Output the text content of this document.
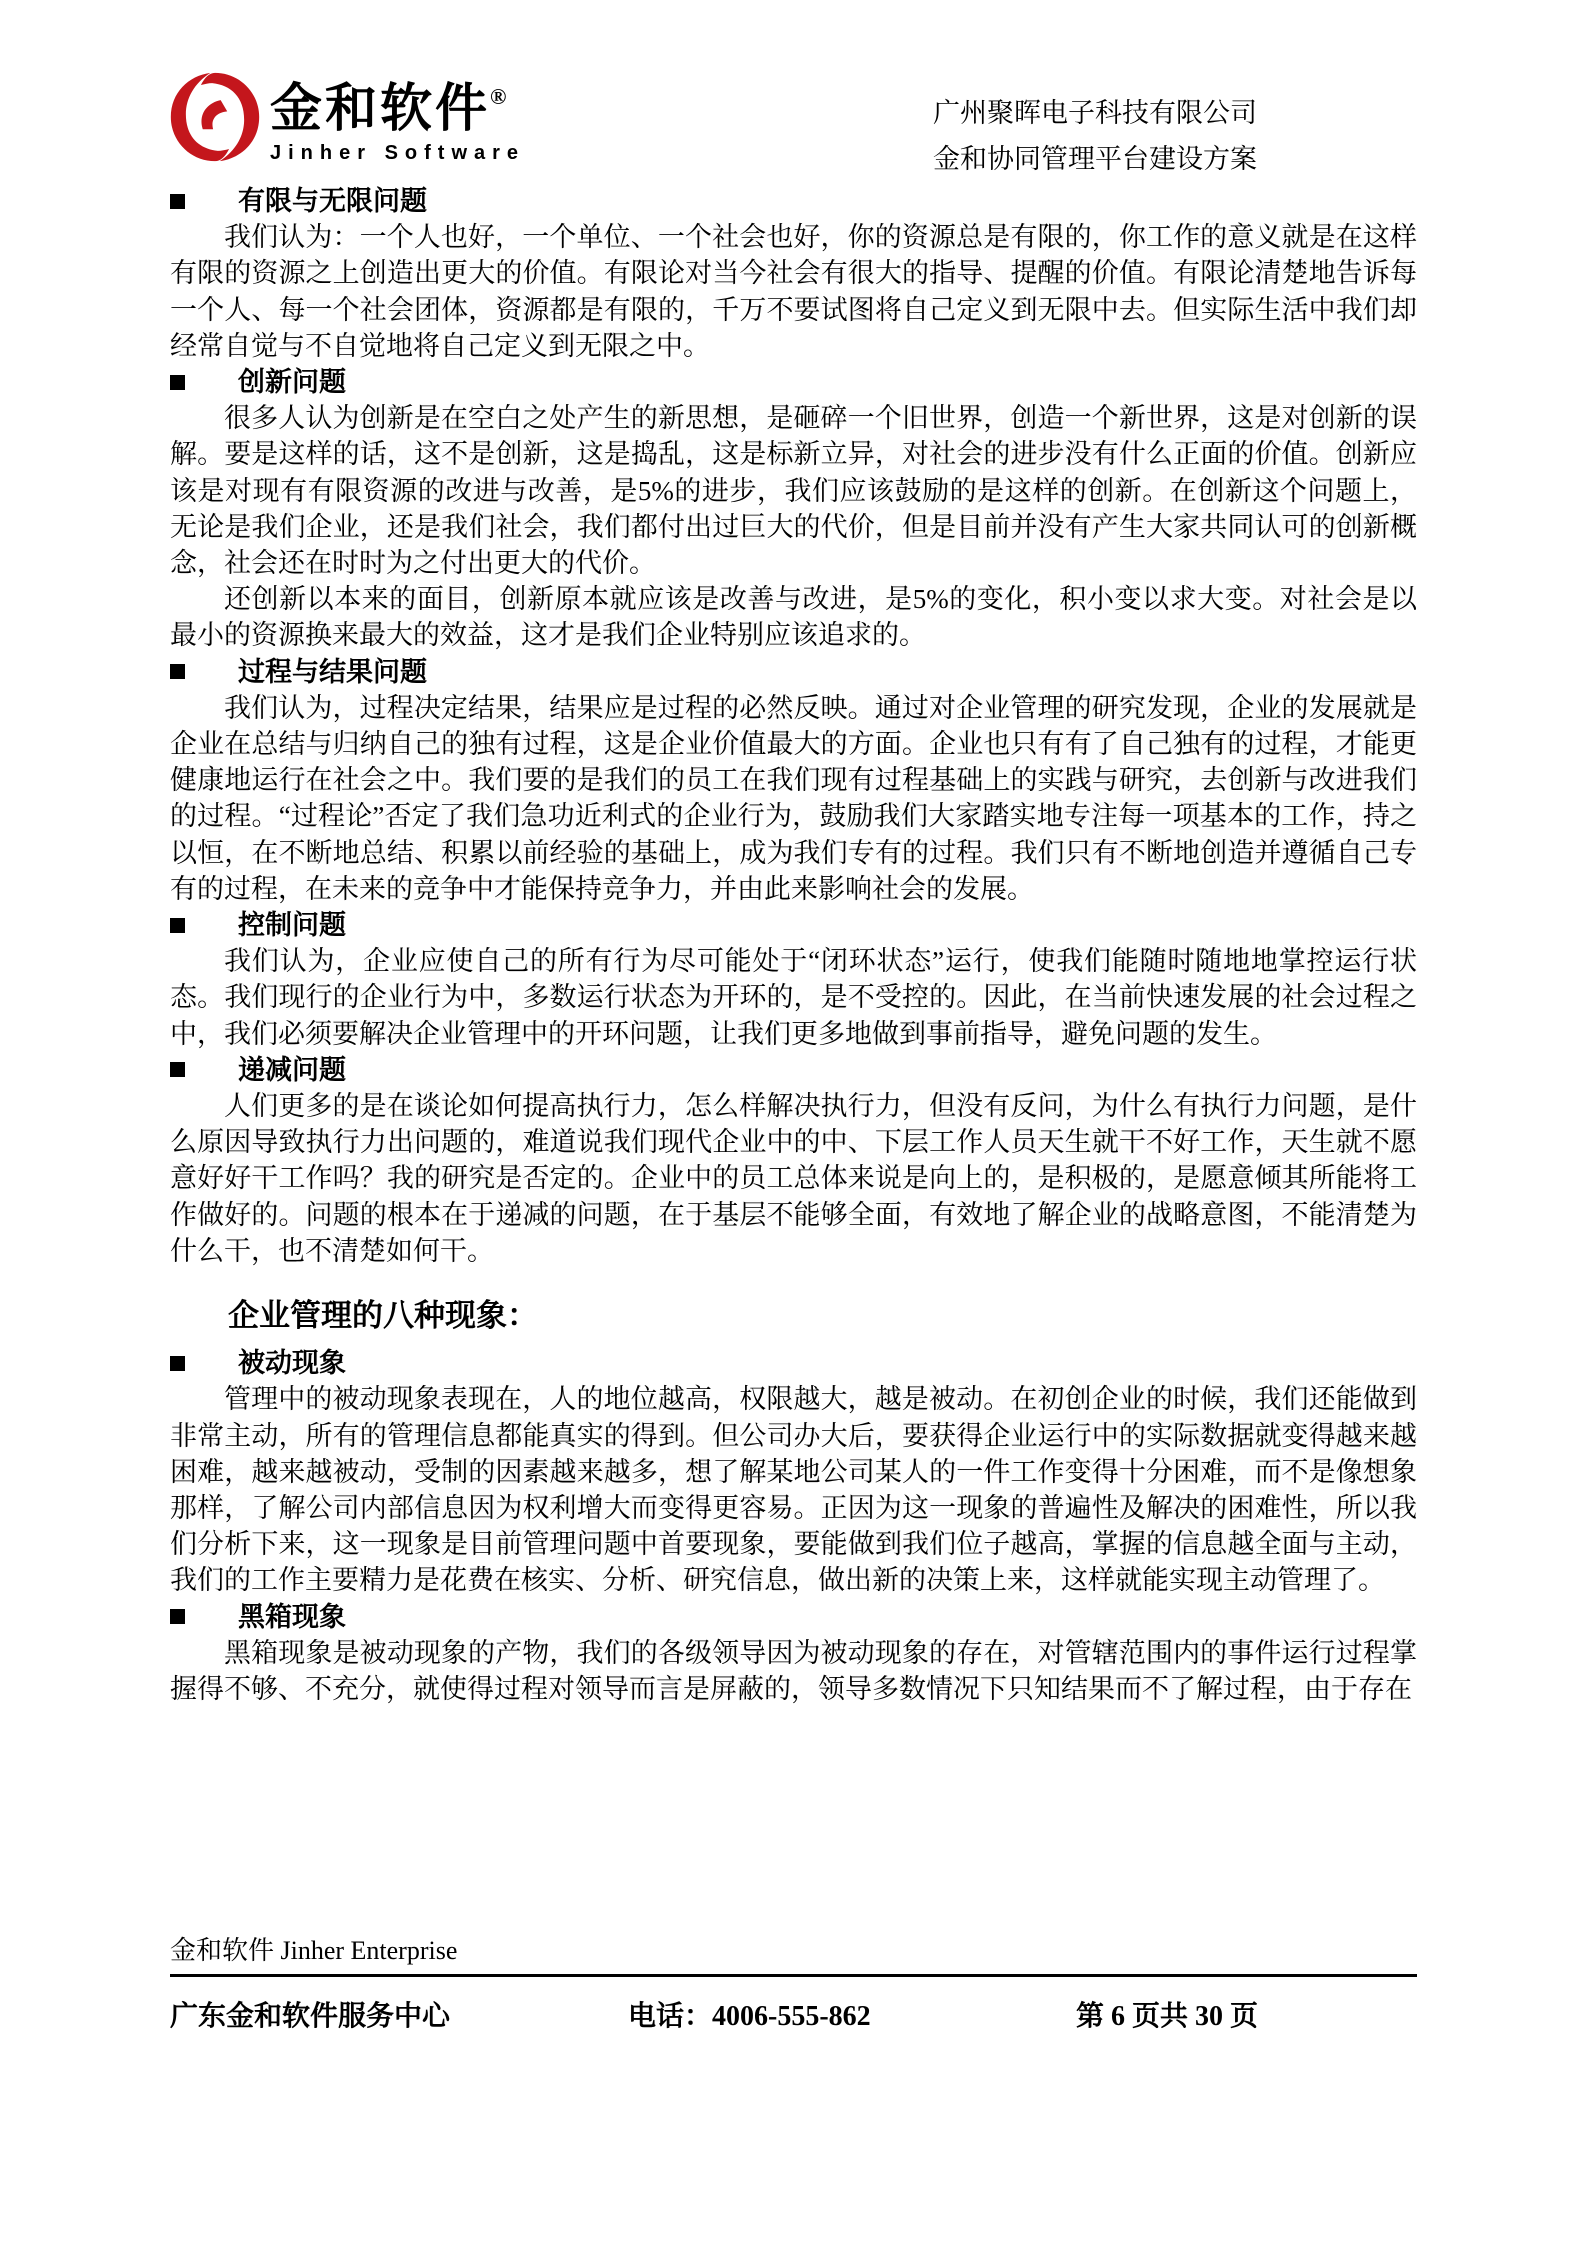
金和软件®
Jinher Software
广州聚晖电子科技有限公司
金和协同管理平台建设方案
有限与无限问题

我们认为：一个人也好，一个单位、一个社会也好，你的资源总是有限的，你工作的意义就是在这样有限的资源之上创造出更大的价值。有限论对当今社会有很大的指导、提醒的价值。有限论清楚地告诉每一个人、每一个社会团体，资源都是有限的，千万不要试图将自己定义到无限中去。但实际生活中我们却经常自觉与不自觉地将自己定义到无限之中。

创新问题

很多人认为创新是在空白之处产生的新思想，是砸碎一个旧世界，创造一个新世界，这是对创新的误解。要是这样的话，这不是创新，这是捣乱，这是标新立异，对社会的进步没有什么正面的价值。创新应该是对现有有限资源的改进与改善，是5%的进步，我们应该鼓励的是这样的创新。在创新这个问题上，无论是我们企业，还是我们社会，我们都付出过巨大的代价，但是目前并没有产生大家共同认可的创新概念，社会还在时时为之付出更大的代价。

还创新以本来的面目，创新原本就应该是改善与改进，是5%的变化，积小变以求大变。对社会是以最小的资源换来最大的效益，这才是我们企业特别应该追求的。

过程与结果问题

我们认为，过程决定结果，结果应是过程的必然反映。通过对企业管理的研究发现，企业的发展就是企业在总结与归纳自己的独有过程，这是企业价值最大的方面。企业也只有有了自己独有的过程，才能更健康地运行在社会之中。我们要的是我们的员工在我们现有过程基础上的实践与研究，去创新与改进我们的过程。“过程论”否定了我们急功近利式的企业行为，鼓励我们大家踏实地专注每一项基本的工作，持之以恒，在不断地总结、积累以前经验的基础上，成为我们专有的过程。我们只有不断地创造并遵循自己专有的过程，在未来的竞争中才能保持竞争力，并由此来影响社会的发展。

控制问题

我们认为，企业应使自己的所有行为尽可能处于“闭环状态”运行，使我们能随时随地地掌控运行状态。我们现行的企业行为中，多数运行状态为开环的，是不受控的。因此，在当前快速发展的社会过程之中，我们必须要解决企业管理中的开环问题，让我们更多地做到事前指导，避免问题的发生。

递减问题

人们更多的是在谈论如何提高执行力，怎么样解决执行力，但没有反问，为什么有执行力问题，是什么原因导致执行力出问题的，难道说我们现代企业中的中、下层工作人员天生就干不好工作，天生就不愿意好好干工作吗？我的研究是否定的。企业中的员工总体来说是向上的，是积极的，是愿意倾其所能将工作做好的。问题的根本在于递减的问题，在于基层不能够全面，有效地了解企业的战略意图，不能清楚为什么干，也不清楚如何干。

企业管理的八种现象：
被动现象

管理中的被动现象表现在，人的地位越高，权限越大，越是被动。在初创企业的时候，我们还能做到非常主动，所有的管理信息都能真实的得到。但公司办大后，要获得企业运行中的实际数据就变得越来越困难，越来越被动，受制的因素越来越多，想了解某地公司某人的一件工作变得十分困难，而不是像想象那样，了解公司内部信息因为权利增大而变得更容易。正因为这一现象的普遍性及解决的困难性，所以我们分析下来，这一现象是目前管理问题中首要现象，要能做到我们位子越高，掌握的信息越全面与主动，我们的工作主要精力是花费在核实、分析、研究信息，做出新的决策上来，这样就能实现主动管理了。

黑箱现象

黑箱现象是被动现象的产物，我们的各级领导因为被动现象的存在，对管辖范围内的事件运行过程掌握得不够、不充分，就使得过程对领导而言是屏蔽的，领导多数情况下只知结果而不了解过程，由于存在

金和软件 Jinher Enterprise
广东金和软件服务中心	电话：4006-555-862	第 6 页共 30 页
